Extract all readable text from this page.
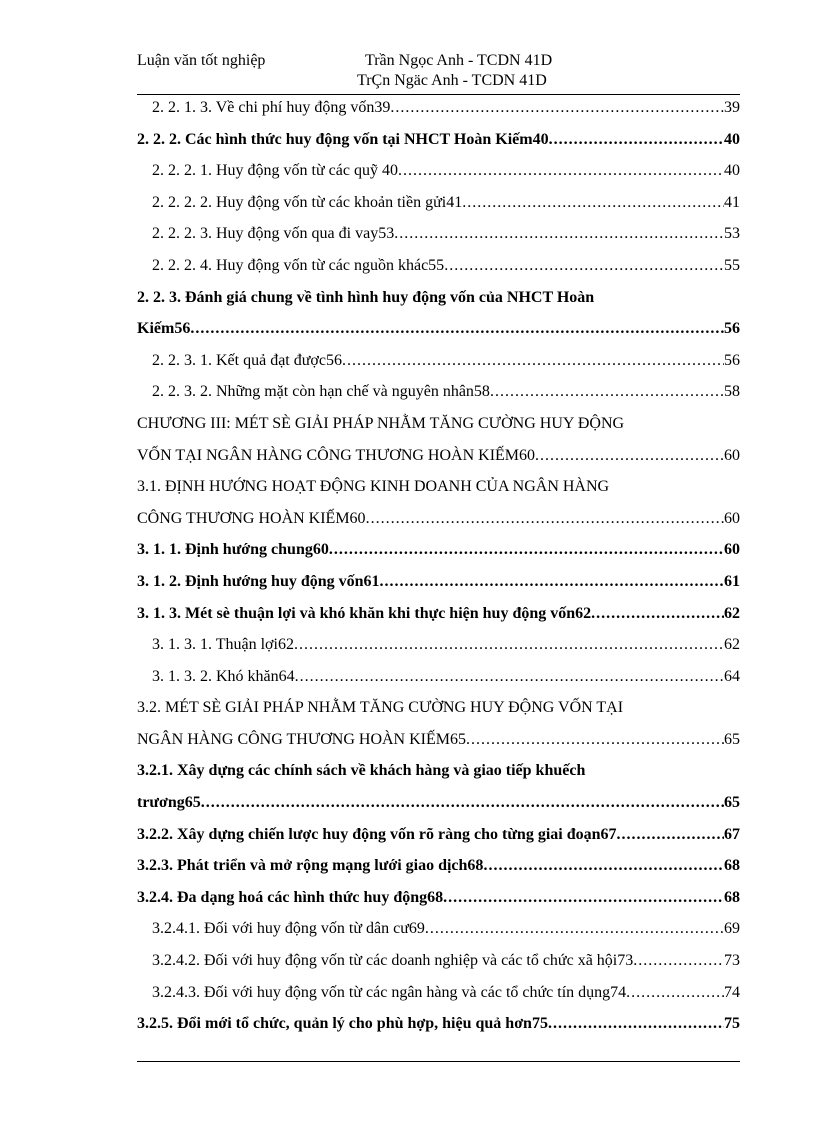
Luận văn tốt nghiệp	Trần Ngọc Anh - TCDN 41D
TrÇn Ngäc Anh - TCDN 41D
2. 2. 1. 3. Về chi phí huy động vốn39 .....	39
2. 2. 2. Các hình thức huy động vốn tại NHCT Hoàn Kiếm40 .....	40
2. 2. 2. 1. Huy động vốn từ các quỹ 40 .....	40
2. 2. 2. 2. Huy động vốn từ các khoản tiền gửi41 .....	41
2. 2. 2. 3. Huy động vốn qua đi vay53 .....	53
2. 2. 2. 4. Huy động vốn từ các nguồn khác55 .....	55
2. 2. 3. Đánh giá chung về tình hình huy động vốn của NHCT Hoàn
Kiếm56 .....	56
2. 2. 3. 1. Kết quả đạt được56 .....	56
2. 2. 3. 2. Những mặt còn hạn chế và nguyên nhân58 .....	58
CHƯƠNG III: MÉT SÈ GIẢI PHÁP NHẰM TĂNG CƯỜNG HUY ĐỘNG
VỐN TẠI NGÂN HÀNG CÔNG THƯƠNG HOÀN KIẾM60 .....	60
3.1. ĐỊNH HƯỚNG HOẠT ĐỘNG KINH DOANH CỦA NGÂN HÀNG
CÔNG THƯƠNG HOÀN KIẾM60 .....	60
3. 1. 1. Định hướng chung60 .....	60
3. 1. 2. Định hướng huy động vốn61 .....	61
3. 1. 3. Mét sè thuận lợi và khó khăn khi thực hiện huy động vốn62 .....	62
3. 1. 3. 1. Thuận lợi62 .....	62
3. 1. 3. 2. Khó khăn64 .....	64
3.2. MÉT SÈ GIẢI PHÁP NHẰM TĂNG CƯỜNG HUY ĐỘNG VỐN TẠI
NGÂN HÀNG CÔNG THƯƠNG HOÀN KIẾM65 .....	65
3.2.1. Xây dựng các chính sách về khách hàng và giao tiếp khuếch
trương65 .....	65
3.2.2. Xây dựng chiến lược huy động vốn rõ ràng cho từng giai đoạn67 .....	67
3.2.3. Phát triển và mở rộng mạng lưới giao dịch68 .....	68
3.2.4. Đa dạng hoá các hình thức huy động68 .....	68
3.2.4.1. Đối với huy động vốn từ dân cư69 .....	69
3.2.4.2. Đối với huy động vốn từ các doanh nghiệp và các tổ chức xã hội73 .....	73
3.2.4.3. Đối với huy động vốn từ các ngân hàng và các tổ chức tín dụng74 .....	74
3.2.5. Đổi mới tổ chức, quản lý cho phù hợp, hiệu quả hơn75 .....	75
